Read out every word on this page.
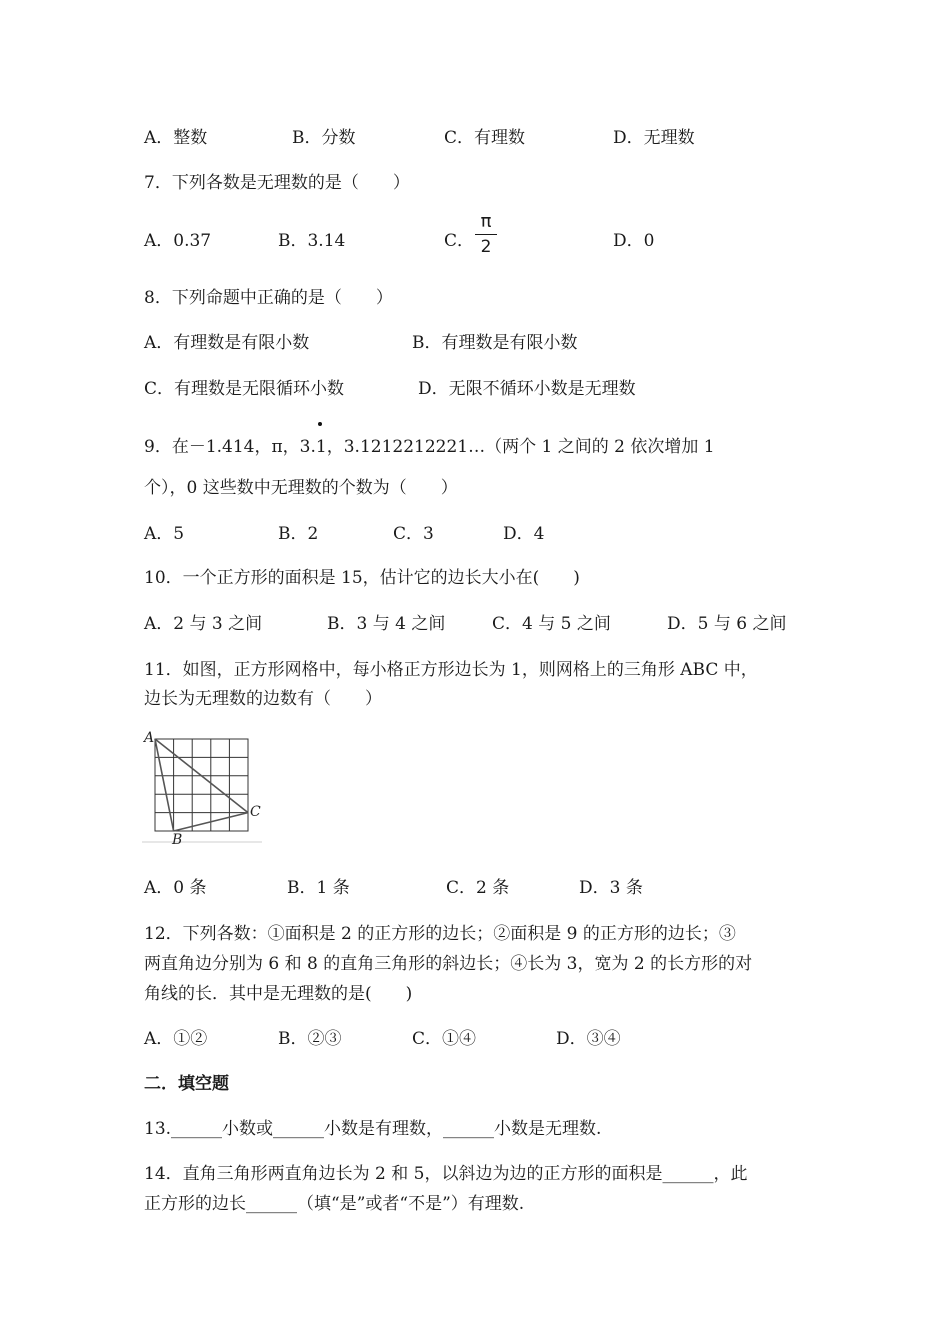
A．整数	B．分数	C．有理数	D．无理数
7．下列各数是无理数的是（　　）
A．0.37	B．3.14	C．
π
2	D．0
8．下列命题中正确的是（　　）
A．有理数是有限小数	B．有理数是有限小数
C．有理数是无限循环小数	D．无限不循环小数是无理数
9．在－1.414，π，3.
1，3.1212212221…（两个 1 之间的 2 依次增加 1
个），0 这些数中无理数的个数为（　　）
A．5	B．2	C．3	D．4
10．一个正方形的面积是 15，估计它的边长大小在(　　)
A．2 与 3 之间	B．3 与 4 之间	C．4 与 5 之间	D．5 与 6 之间
11．如图，正方形网格中，每小格正方形边长为 1，则网格上的三角形 ABC 中，
边长为无理数的边数有（　　）
A
C
B
A．0 条	B．1 条	C．2 条	D．3 条
12．下列各数：①面积是 2 的正方形的边长；②面积是 9 的正方形的边长；③
两直角边分别为 6 和 8 的直角三角形的斜边长；④长为 3，宽为 2 的长方形的对
角线的长．其中是无理数的是(　　)
A．①②	B．②③	C．①④	D．③④
二．填空题
13.______小数或______小数是有理数，______小数是无理数.
14．直角三角形两直角边长为 2 和 5，以斜边为边的正方形的面积是______，此
正方形的边长______（填“是”或者“不是”）有理数.
